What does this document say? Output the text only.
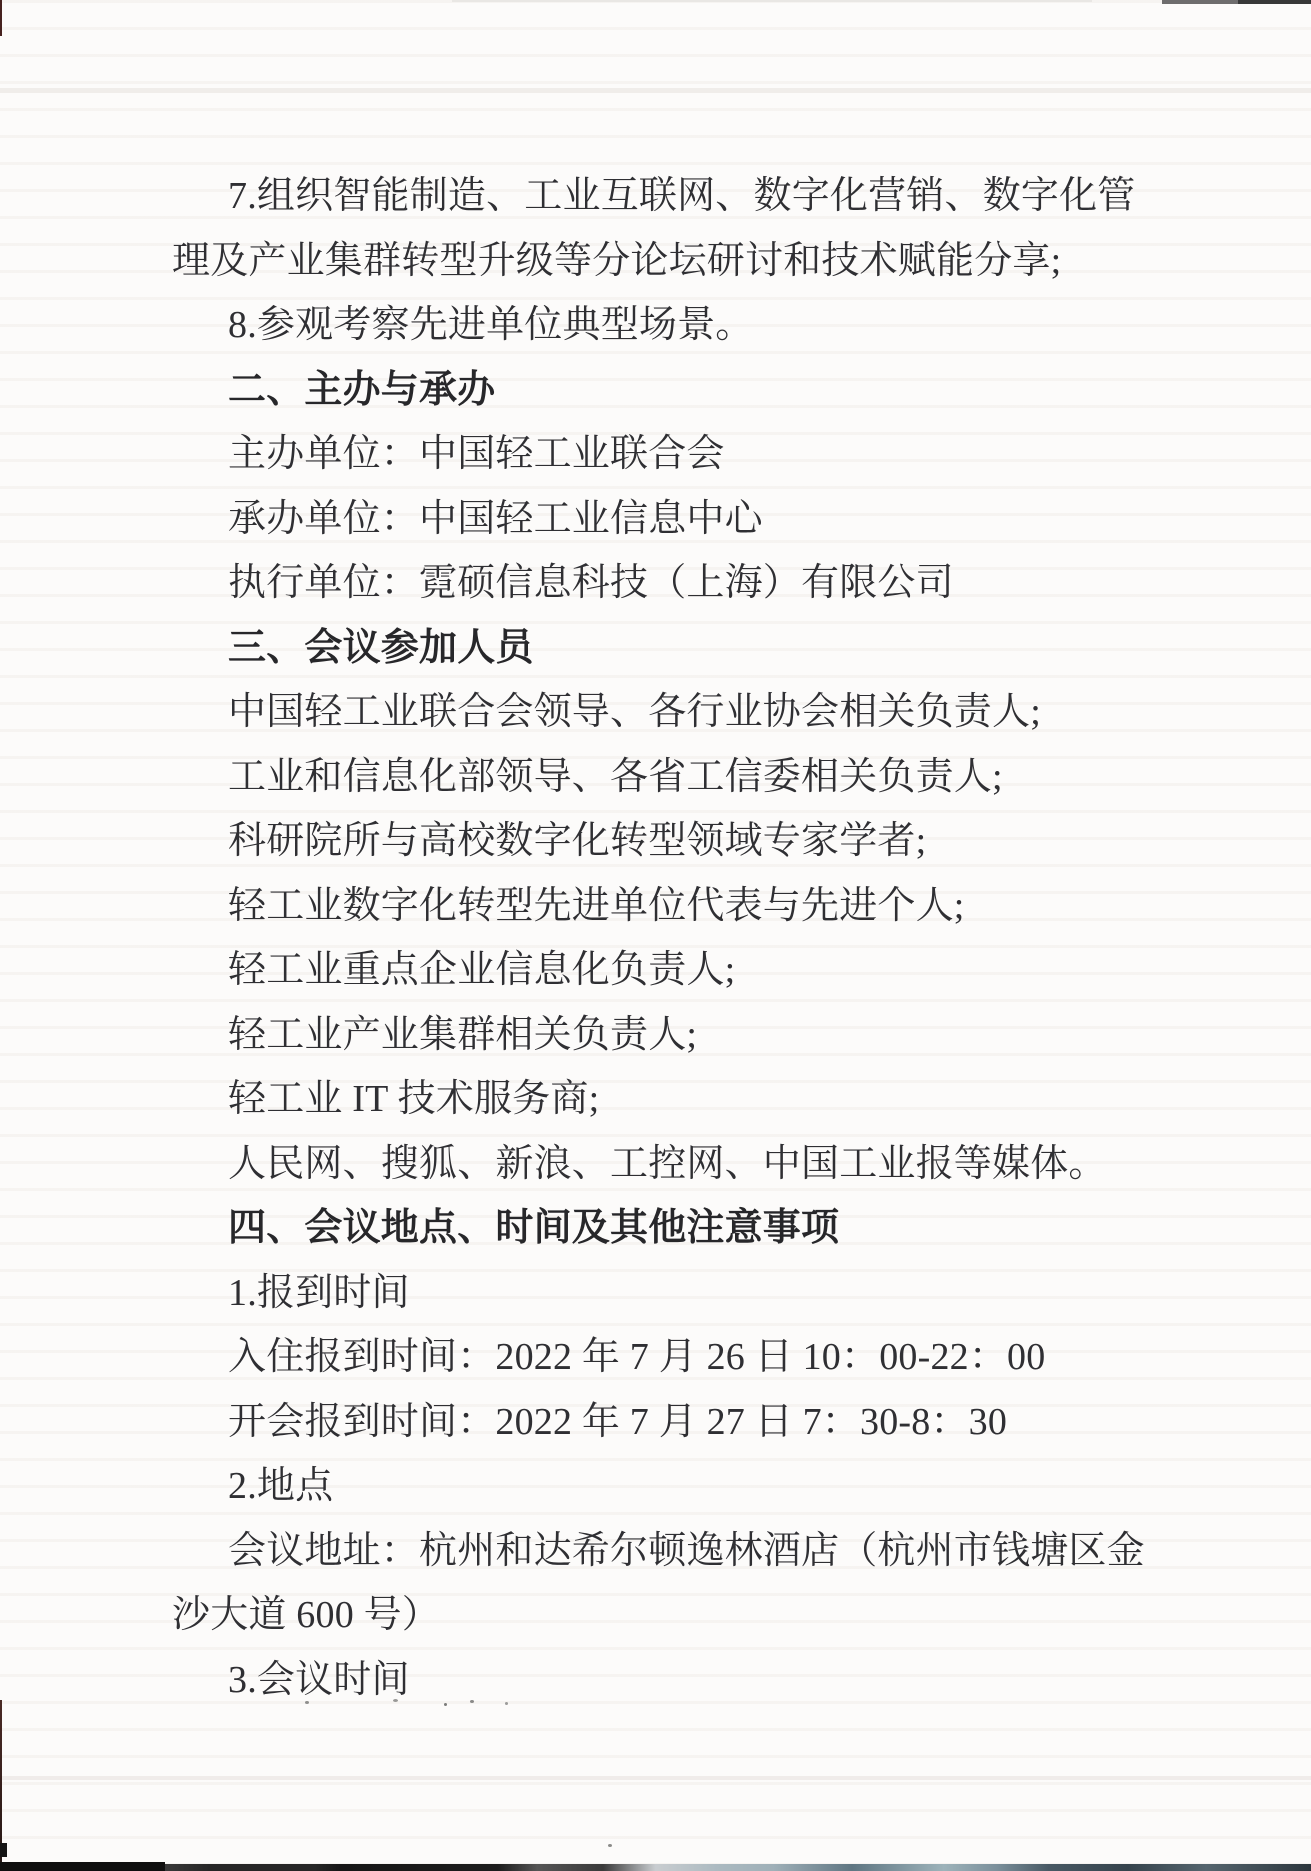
7.组织智能制造、工业互联网、数字化营销、数字化管
理及产业集群转型升级等分论坛研讨和技术赋能分享;
8.参观考察先进单位典型场景。
二、主办与承办
主办单位：中国轻工业联合会
承办单位：中国轻工业信息中心
执行单位：霓硕信息科技（上海）有限公司
三、会议参加人员
中国轻工业联合会领导、各行业协会相关负责人;
工业和信息化部领导、各省工信委相关负责人;
科研院所与高校数字化转型领域专家学者;
轻工业数字化转型先进单位代表与先进个人;
轻工业重点企业信息化负责人;
轻工业产业集群相关负责人;
轻工业 IT 技术服务商;
人民网、搜狐、新浪、工控网、中国工业报等媒体。
四、会议地点、时间及其他注意事项
1.报到时间
入住报到时间：2022 年 7 月 26 日 10：00-22：00
开会报到时间：2022 年 7 月 27 日 7：30-8：30
2.地点
会议地址：杭州和达希尔顿逸林酒店（杭州市钱塘区金
沙大道 600 号）
3.会议时间
